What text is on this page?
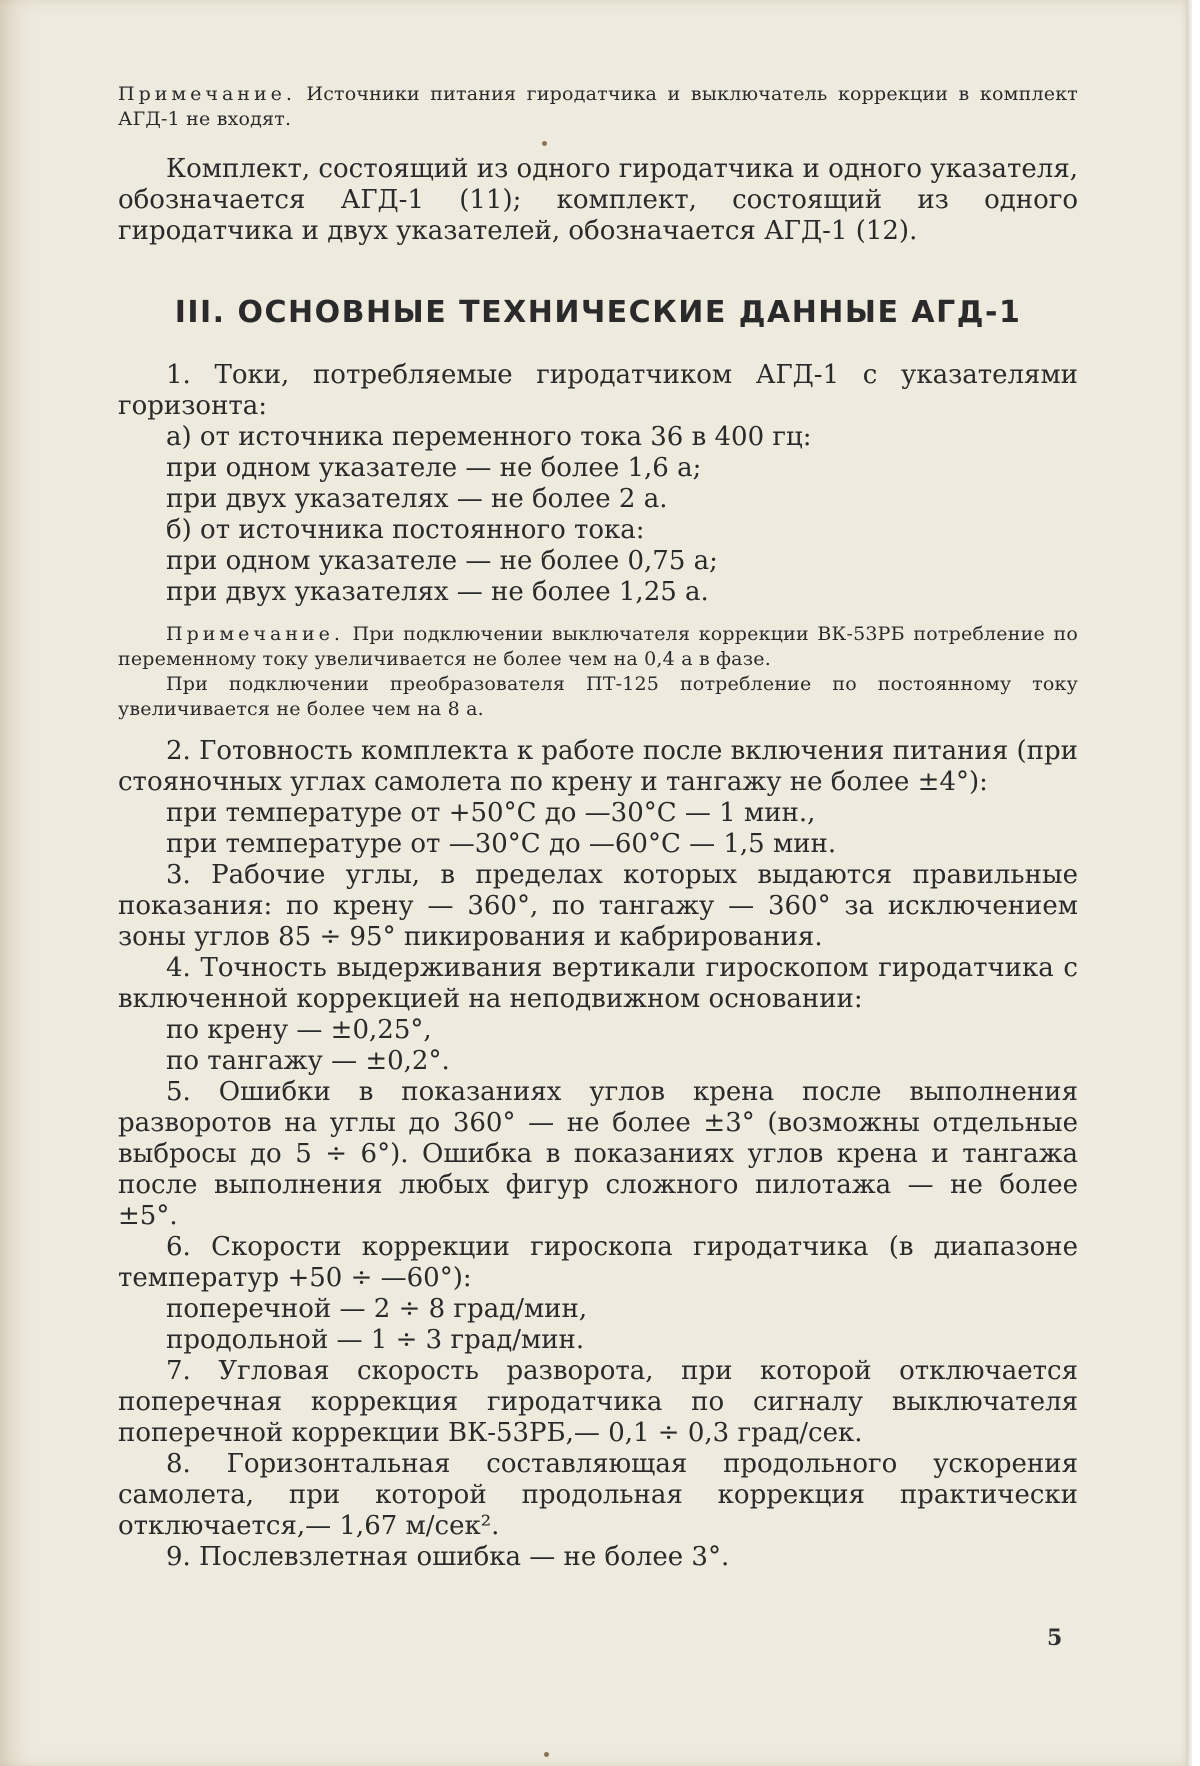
Примечание. Источники питания гиродатчика и выключатель коррекции в комплект АГД-1 не входят.

Комплект, состоящий из одного гиродатчика и одного указателя, обозначается АГД-1 (11); комплект, состоящий из одного гиродатчика и двух указателей, обозначается АГД-1 (12).

III. ОСНОВНЫЕ ТЕХНИЧЕСКИЕ ДАННЫЕ АГД-1

1. Токи, потребляемые гиродатчиком АГД-1 с указателями горизонта:

а) от источника переменного тока 36 в 400 гц:

при одном указателе — не более 1,6 а;

при двух указателях — не более 2 а.

б) от источника постоянного тока:

при одном указателе — не более 0,75 а;

при двух указателях — не более 1,25 а.

Примечание. При подключении выключателя коррекции ВК-53РБ потребление по переменному току увеличивается не более чем на 0,4 а в фазе.

При подключении преобразователя ПТ-125 потребление по постоянному току увеличивается не более чем на 8 а.

2. Готовность комплекта к работе после включения питания (при стояночных углах самолета по крену и тангажу не более ±4°):

при температуре от +50°С до —30°С — 1 мин.,

при температуре от —30°С до —60°С — 1,5 мин.

3. Рабочие углы, в пределах которых выдаются правильные показания: по крену — 360°, по тангажу — 360° за исключением зоны углов 85 ÷ 95° пикирования и кабрирования.

4. Точность выдерживания вертикали гироскопом гиродатчика с включенной коррекцией на неподвижном основании:

по крену — ±0,25°,

по тангажу — ±0,2°.

5. Ошибки в показаниях углов крена после выполнения разворотов на углы до 360° — не более ±3° (возможны отдельные выбросы до 5 ÷ 6°). Ошибка в показаниях углов крена и тангажа после выполнения любых фигур сложного пилотажа — не более ±5°.

6. Скорости коррекции гироскопа гиродатчика (в диапазоне температур +50 ÷ —60°):

поперечной — 2 ÷ 8 град/мин,

продольной — 1 ÷ 3 град/мин.

7. Угловая скорость разворота, при которой отключается поперечная коррекция гиродатчика по сигналу выключателя поперечной коррекции ВК-53РБ,— 0,1 ÷ 0,3 град/сек.

8. Горизонтальная составляющая продольного ускорения самолета, при которой продольная коррекция практически отключается,— 1,67 м/сек².

9. Послевзлетная ошибка — не более 3°.

5
